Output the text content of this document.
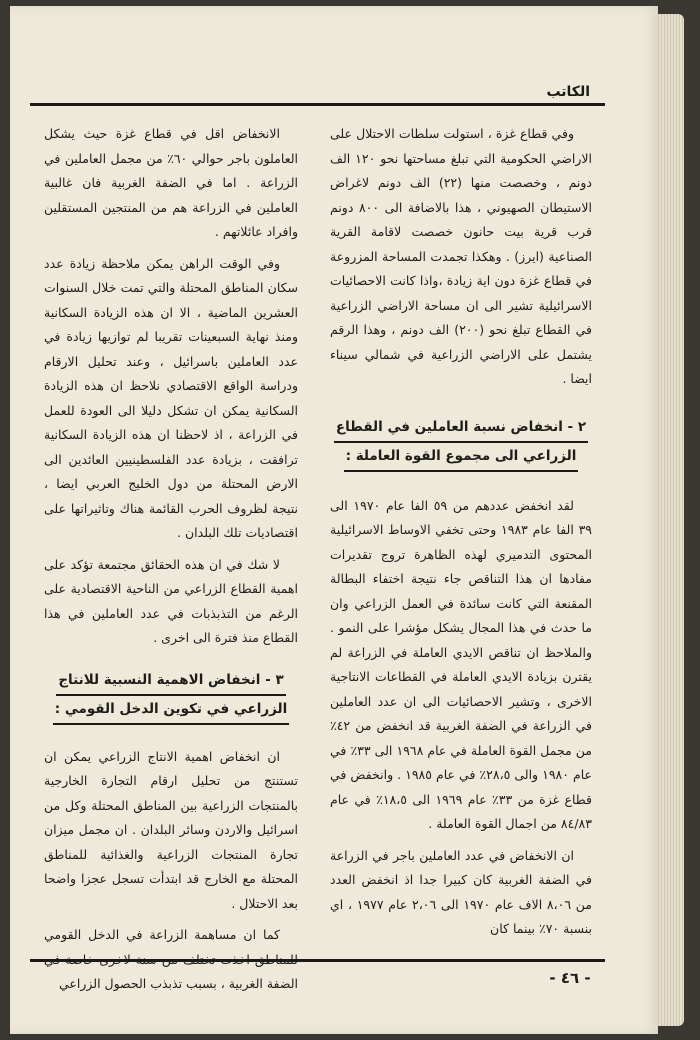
الكاتب

وفي قطاع غزة ، استولت سلطات الاحتلال على الاراضي الحكومية التي تبلغ مساحتها نحو ١٢٠ الف دونم ، وخصصت منها (٢٢) الف دونم لاغراض الاستيطان الصهيوني ، هذا بالاضافة الى ٨٠٠ دونم قرب قرية بيت حانون خصصت لاقامة القرية الصناعية (ايرز) . وهكذا تجمدت المساحة المزروعة في قطاع غزة دون اية زيادة ،واذا كانت الاحصائيات الاسرائيلية تشير الى ان مساحة الاراضي الزراعية في القطاع تبلغ نحو (٢٠٠) الف دونم ، وهذا الرقم يشتمل على الاراضي الزراعية في شمالي سيناء ايضا .

٢ - انخفاض نسبة العاملين في القطاع
الزراعي الى مجموع القوة العاملة :

لقد انخفض عددهم من ٥٩ الفا عام ١٩٧٠ الى ٣٩ الفا عام ١٩٨٣ وحتى تخفي الاوساط الاسرائيلية المحتوى التدميري لهذه الظاهرة تروج تقديرات مفادها ان هذا التناقص جاء نتيجة اختفاء البطالة المقنعة التي كانت سائدة في العمل الزراعي وان ما حدث في هذا المجال يشكل مؤشرا على النمو . والملاحظ ان تناقص الايدي العاملة في الزراعة لم يقترن بزيادة الايدي العاملة في القطاعات الانتاجية الاخرى ، وتشير الاحصائيات الى ان عدد العاملين في الزراعة في الضفة الغربية قد انخفض من ٤٢٪ من مجمل القوة العاملة في عام ١٩٦٨ الى ٣٣٪ في عام ١٩٨٠ والى ٢٨،٥٪ في عام ١٩٨٥ . وانخفض في قطاع غزة من ٣٣٪ عام ١٩٦٩ الى ١٨،٥٪ في عام ٨٤/٨٣ من اجمال القوة العاملة .

ان الانخفاض في عدد العاملين باجر في الزراعة في الضفة الغربية كان كبيرا جدا اذ انخفض العدد من ٨،٠٦ الاف عام ١٩٧٠ الى ٢،٠٦ عام ١٩٧٧ ، اي بنسبة ٧٠٪ بينما كان

الانخفاض اقل في قطاع غزة حيث يشكل العاملون باجر حوالي ٦٠٪ من مجمل العاملين في الزراعة . اما في الضفة الغربية فان غالبية العاملين في الزراعة هم من المنتجين المستقلين وافراد عائلاتهم .

وفي الوقت الراهن يمكن ملاحظة زيادة عدد سكان المناطق المحتلة والتي تمت خلال السنوات العشرين الماضية ، الا ان هذه الزيادة السكانية ومنذ نهاية السبعينات تقريبا لم توازيها زيادة في عدد العاملين باسرائيل ، وعند تحليل الارقام ودراسة الواقع الاقتصادي نلاحظ ان هذه الزيادة السكانية يمكن ان تشكل دليلا الى العودة للعمل في الزراعة ، اذ لاحظنا ان هذه الزيادة السكانية ترافقت ، بزيادة عدد الفلسطينيين العائدين الى الارض المحتلة من دول الخليج العربي ايضا ، نتيجة لظروف الحرب القائمة هناك وتاثيراتها على اقتصاديات تلك البلدان .

لا شك في ان هذه الحقائق مجتمعة تؤكد على اهمية القطاع الزراعي من الناحية الاقتصادية على الرغم من التذبذبات في عدد العاملين في هذا القطاع منذ فترة الى اخرى .

٣ - انخفاض الاهمية النسبية للانتاج
الزراعي في تكوين الدخل القومي :

ان انخفاض اهمية الانتاج الزراعي يمكن ان تستنتج من تحليل ارقام التجارة الخارجية بالمنتجات الزراعية بين المناطق المحتلة وكل من اسرائيل والاردن وسائر البلدان . ان مجمل ميزان تجارة المنتجات الزراعية والغذائية للمناطق المحتلة مع الخارج قد ابتدأت تسجل عجزا واضحا بعد الاحتلال .

كما ان مساهمة الزراعة في الدخل القومي للمناطق اخذت تختلف من سنة لاخرى خاصة في الضفة الغربية ، بسبب تذبذب الحصول الزراعي	- ٤٦ -
